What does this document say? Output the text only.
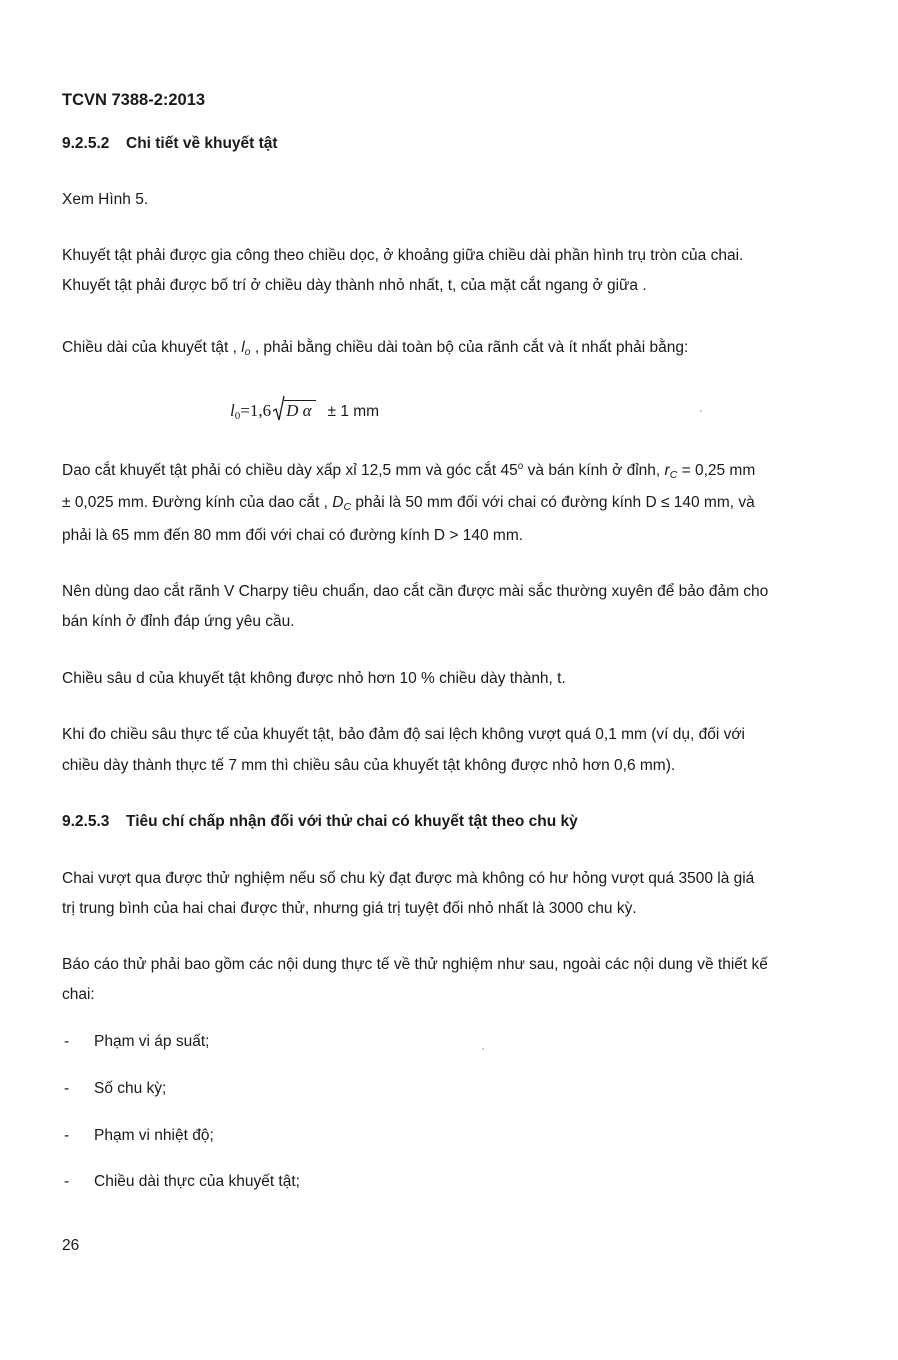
TCVN 7388-2:2013
9.2.5.2 Chi tiết về khuyết tật
Xem Hình 5.
Khuyết tật phải được gia công theo chiều dọc, ở khoảng giữa chiều dài phần hình trụ tròn của chai.
Khuyết tật phải được bố trí ở chiều dày thành nhỏ nhất, t, của mặt cắt ngang ở giữa .
Chiều dài của khuyết tật , lo , phải bằng chiều dài toàn bộ của rãnh cắt và ít nhất phải bằng:
$l_0=1,6$ D α ± 1 mm
Dao cắt khuyết tật phải có chiều dày xấp xỉ 12,5 mm và góc cắt 45$^o$ và bán kính ở đỉnh, rC = 0,25 mm
± 0,025 mm. Đường kính của dao cắt , DC phải là 50 mm đối với chai có đường kính D ≤ 140 mm, và
phải là 65 mm đến 80 mm đối với chai có đường kính D > 140 mm.
Nên dùng dao cắt rãnh V Charpy tiêu chuẩn, dao cắt cần được mài sắc thường xuyên để bảo đảm cho
bán kính ở đỉnh đáp ứng yêu cầu.
Chiều sâu d của khuyết tật không được nhỏ hơn 10 % chiều dày thành, t.
Khi đo chiều sâu thực tế của khuyết tật, bảo đảm độ sai lệch không vượt quá 0,1 mm (ví dụ, đối với
chiều dày thành thực tế 7 mm thì chiều sâu của khuyết tật không được nhỏ hơn 0,6 mm).
9.2.5.3 Tiêu chí chấp nhận đối với thử chai có khuyết tật theo chu kỳ
Chai vượt qua được thử nghiệm nếu số chu kỳ đạt được mà không có hư hỏng vượt quá 3500 là giá
trị trung bình của hai chai được thử, nhưng giá trị tuyệt đối nhỏ nhất là 3000 chu kỳ.
Báo cáo thử phải bao gồm các nội dung thực tế về thử nghiệm như sau, ngoài các nội dung về thiết kế
chai:
- Phạm vi áp suất;
- Số chu kỳ;
- Phạm vi nhiệt độ;
- Chiều dài thực của khuyết tật;
26
